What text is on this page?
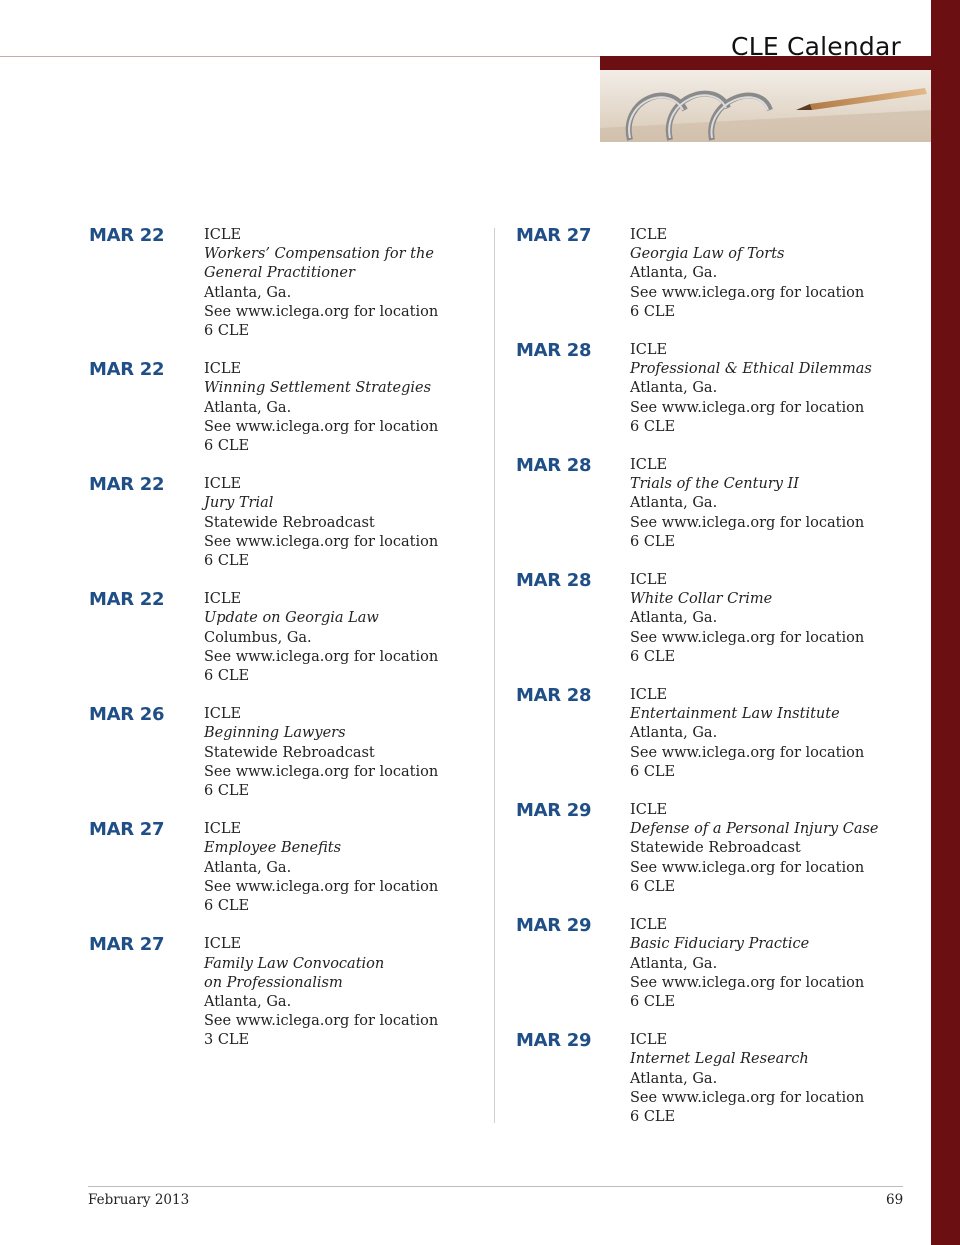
CLE Calendar
MAR 22	ICLE
Workers’ Compensation for the
General Practitioner
Atlanta, Ga.
See www.iclega.org for location
6 CLE
MAR 22	ICLE
Winning Settlement Strategies
Atlanta, Ga.
See www.iclega.org for location
6 CLE
MAR 22	ICLE
Jury Trial
Statewide Rebroadcast
See www.iclega.org for location
6 CLE
MAR 22	ICLE
Update on Georgia Law
Columbus, Ga.
See www.iclega.org for location
6 CLE
MAR 26	ICLE
Beginning Lawyers
Statewide Rebroadcast
See www.iclega.org for location
6 CLE
MAR 27	ICLE
Employee Benefits
Atlanta, Ga.
See www.iclega.org for location
6 CLE
MAR 27	ICLE
Family Law Convocation
on Professionalism
Atlanta, Ga.
See www.iclega.org for location
3 CLE
MAR 27	ICLE
Georgia Law of Torts
Atlanta, Ga.
See www.iclega.org for location
6 CLE
MAR 28	ICLE
Professional & Ethical Dilemmas
Atlanta, Ga.
See www.iclega.org for location
6 CLE
MAR 28	ICLE
Trials of the Century II
Atlanta, Ga.
See www.iclega.org for location
6 CLE
MAR 28	ICLE
White Collar Crime
Atlanta, Ga.
See www.iclega.org for location
6 CLE
MAR 28	ICLE
Entertainment Law Institute
Atlanta, Ga.
See www.iclega.org for location
6 CLE
MAR 29	ICLE
Defense of a Personal Injury Case
Statewide Rebroadcast
See www.iclega.org for location
6 CLE
MAR 29	ICLE
Basic Fiduciary Practice
Atlanta, Ga.
See www.iclega.org for location
6 CLE
MAR 29	ICLE
Internet Legal Research
Atlanta, Ga.
See www.iclega.org for location
6 CLE
February 2013	69
